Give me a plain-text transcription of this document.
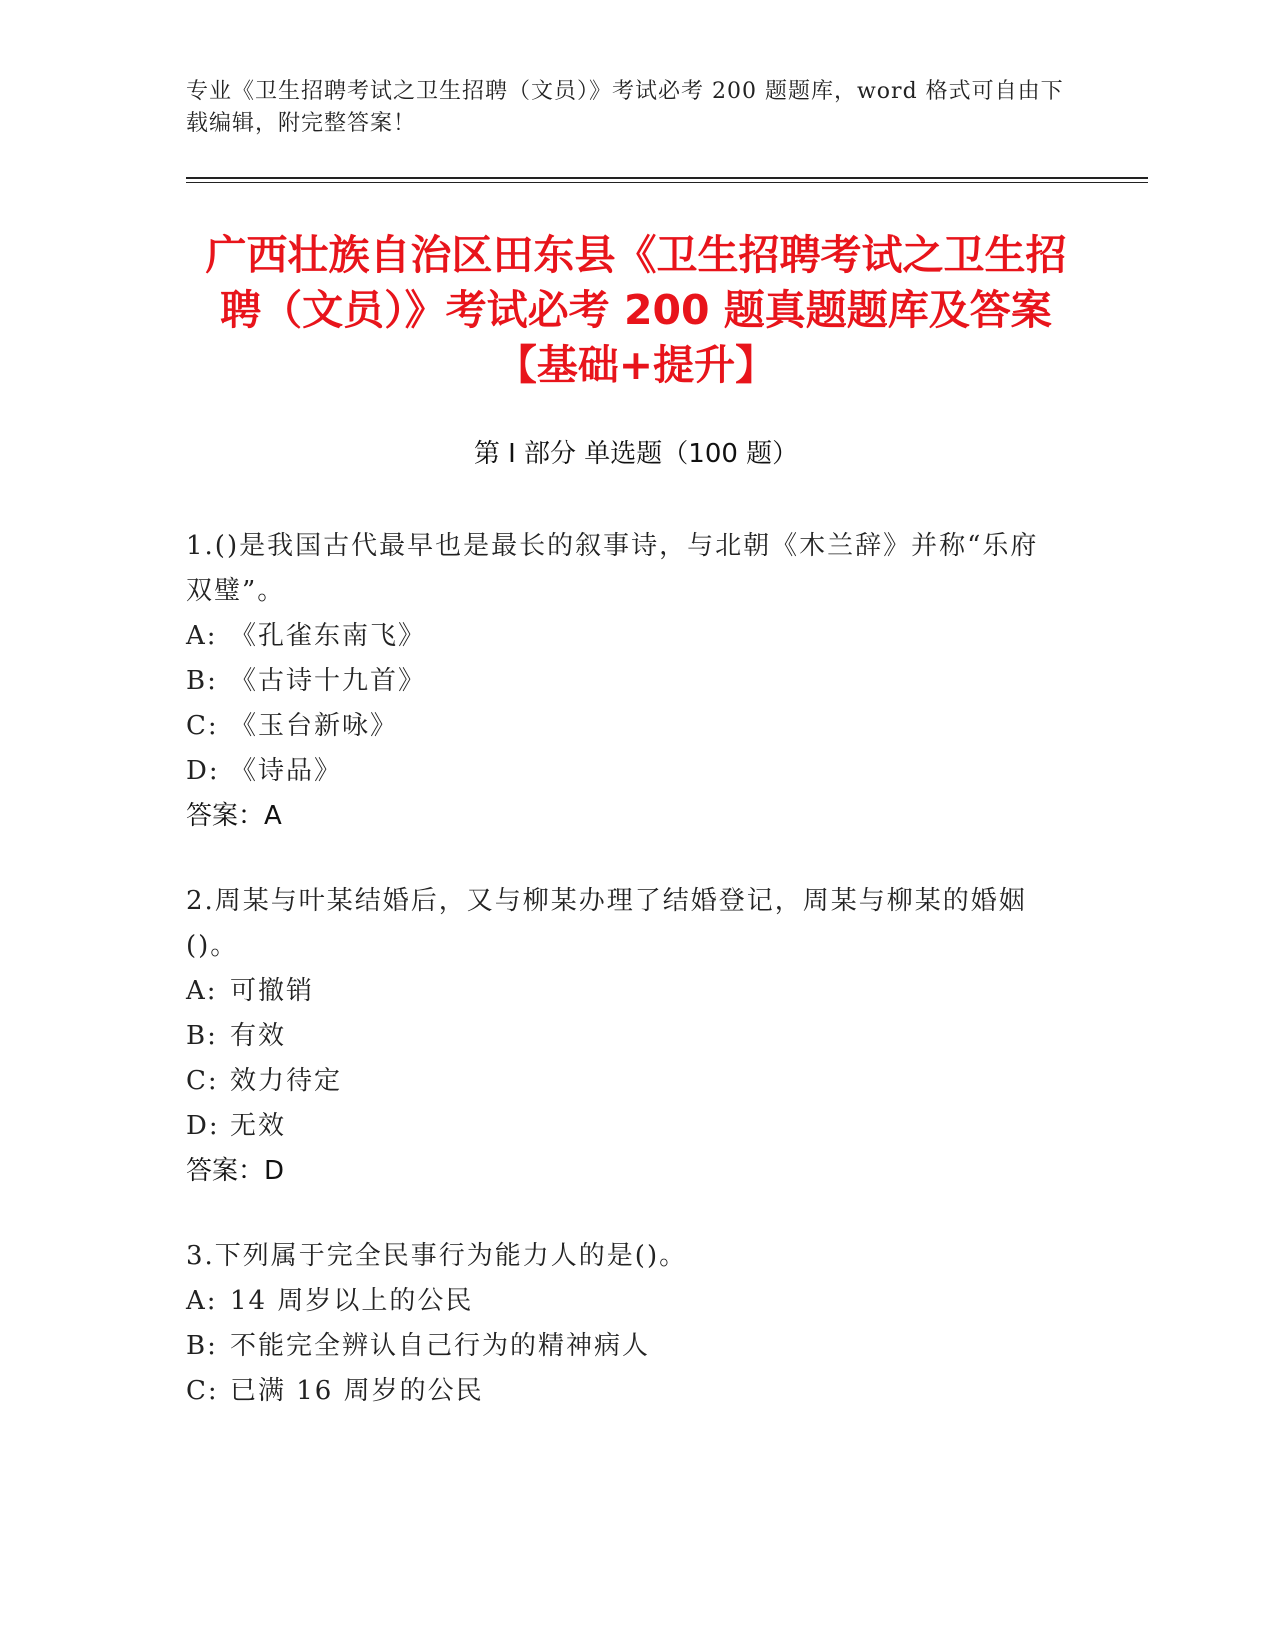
专业《卫生招聘考试之卫生招聘（文员）》考试必考 200 题题库，word 格式可自由下载编辑，附完整答案！
广西壮族自治区田东县《卫生招聘考试之卫生招聘（文员）》考试必考 200 题真题题库及答案【基础+提升】
第 I 部分 单选题（100 题）
1.()是我国古代最早也是最长的叙事诗，与北朝《木兰辞》并称“乐府双璧”。
A: 《孔雀东南飞》
B: 《古诗十九首》
C: 《玉台新咏》
D: 《诗品》
答案：A
2.周某与叶某结婚后，又与柳某办理了结婚登记，周某与柳某的婚姻()。
A: 可撤销
B: 有效
C: 效力待定
D: 无效
答案：D
3.下列属于完全民事行为能力人的是()。
A: 14 周岁以上的公民
B: 不能完全辨认自己行为的精神病人
C: 已满 16 周岁的公民
